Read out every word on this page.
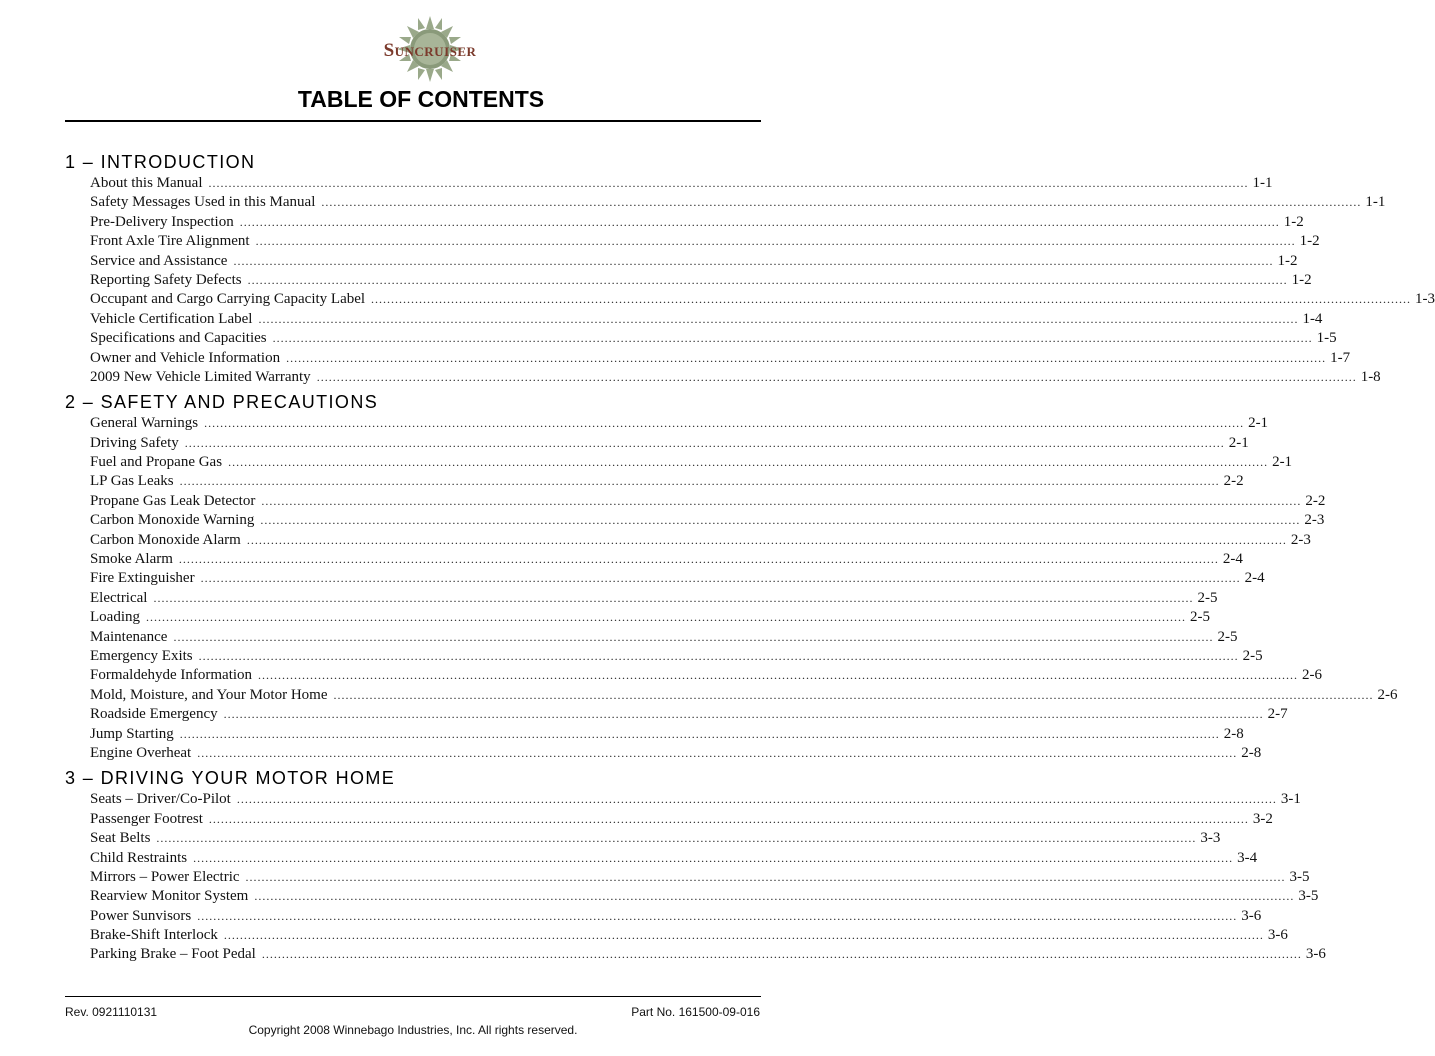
Suncruiser
TABLE OF CONTENTS
1 – INTRODUCTION
About this Manual .................................................................................................................................................................................................................................................................... 1-1
Safety Messages Used in this Manual .................................................................................................................................................................................................................................................................... 1-1
Pre-Delivery Inspection .................................................................................................................................................................................................................................................................... 1-2
Front Axle Tire Alignment .................................................................................................................................................................................................................................................................... 1-2
Service and Assistance .................................................................................................................................................................................................................................................................... 1-2
Reporting Safety Defects .................................................................................................................................................................................................................................................................... 1-2
Occupant and Cargo Carrying Capacity Label .................................................................................................................................................................................................................................................................... 1-3
Vehicle Certification Label .................................................................................................................................................................................................................................................................... 1-4
Specifications and Capacities .................................................................................................................................................................................................................................................................... 1-5
Owner and Vehicle Information .................................................................................................................................................................................................................................................................... 1-7
2009 New Vehicle Limited Warranty .................................................................................................................................................................................................................................................................... 1-8
2 – SAFETY AND PRECAUTIONS
General Warnings .................................................................................................................................................................................................................................................................... 2-1
Driving Safety .................................................................................................................................................................................................................................................................... 2-1
Fuel and Propane Gas .................................................................................................................................................................................................................................................................... 2-1
LP Gas Leaks .................................................................................................................................................................................................................................................................... 2-2
Propane Gas Leak Detector .................................................................................................................................................................................................................................................................... 2-2
Carbon Monoxide Warning .................................................................................................................................................................................................................................................................... 2-3
Carbon Monoxide Alarm .................................................................................................................................................................................................................................................................... 2-3
Smoke Alarm .................................................................................................................................................................................................................................................................... 2-4
Fire Extinguisher .................................................................................................................................................................................................................................................................... 2-4
Electrical .................................................................................................................................................................................................................................................................... 2-5
Loading .................................................................................................................................................................................................................................................................... 2-5
Maintenance .................................................................................................................................................................................................................................................................... 2-5
Emergency Exits .................................................................................................................................................................................................................................................................... 2-5
Formaldehyde Information .................................................................................................................................................................................................................................................................... 2-6
Mold, Moisture, and Your Motor Home .................................................................................................................................................................................................................................................................... 2-6
Roadside Emergency .................................................................................................................................................................................................................................................................... 2-7
Jump Starting .................................................................................................................................................................................................................................................................... 2-8
Engine Overheat .................................................................................................................................................................................................................................................................... 2-8
3 – DRIVING YOUR MOTOR HOME
Seats – Driver/Co-Pilot .................................................................................................................................................................................................................................................................... 3-1
Passenger Footrest .................................................................................................................................................................................................................................................................... 3-2
Seat Belts .................................................................................................................................................................................................................................................................... 3-3
Child Restraints .................................................................................................................................................................................................................................................................... 3-4
Mirrors – Power Electric .................................................................................................................................................................................................................................................................... 3-5
Rearview Monitor System .................................................................................................................................................................................................................................................................... 3-5
Power Sunvisors .................................................................................................................................................................................................................................................................... 3-6
Brake-Shift Interlock .................................................................................................................................................................................................................................................................... 3-6
Parking Brake – Foot Pedal .................................................................................................................................................................................................................................................................... 3-6
Rev. 0921110131	Part No. 161500-09-016
Copyright 2008 Winnebago Industries, Inc. All rights reserved.
